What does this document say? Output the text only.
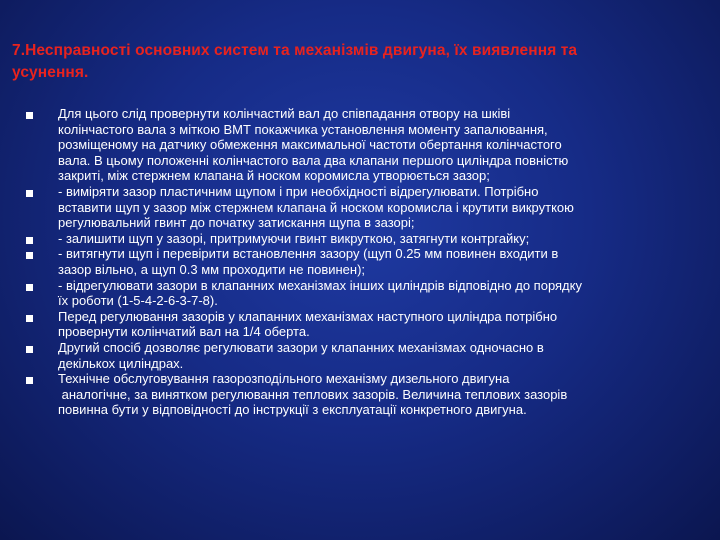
7.Несправності основних систем та механізмів двигуна, їх виявлення та
усунення.

Для цього слід провернути колінчастий вал до співпадання отвору на шківі
колінчастого вала з міткою ВМТ покажчика установлення моменту запалювання,
розміщеному на датчику обмеження максимальної частоти обертання колінчастого
вала. В цьому положенні колінчастого вала два клапани першого циліндра повністю
закриті, між стержнем клапана й носком коромисла утворюється зазор;

- виміряти зазор пластичним щупом і при необхідності відрегулювати. Потрібно
вставити щуп у зазор між стержнем клапана й носком коромисла і крутити викруткою
регулювальний гвинт до початку затискання щупа в зазорі;

- залишити щуп у зазорі, притримуючи гвинт викруткою, затягнути контргайку;

- витягнути щуп і перевірити встановлення зазору (щуп 0.25 мм повинен входити в
зазор вільно, а щуп 0.3 мм проходити не повинен);

- відрегулювати зазори в клапанних механізмах інших циліндрів відповідно до порядку
їх роботи (1-5-4-2-6-3-7-8).

Перед регулювання зазорів у клапанних механізмах наступного циліндра потрібно
провернути колінчатий вал на 1/4 оберта.

Другий спосіб дозволяє регулювати зазори у клапанних механізмах одночасно в
декількох циліндрах.

Технічне обслуговування газорозподільного механізму дизельного двигуна
аналогічне, за винятком регулювання теплових зазорів. Величина теплових зазорів
повинна бути у відповідності до інструкції з експлуатації конкретного двигуна.
